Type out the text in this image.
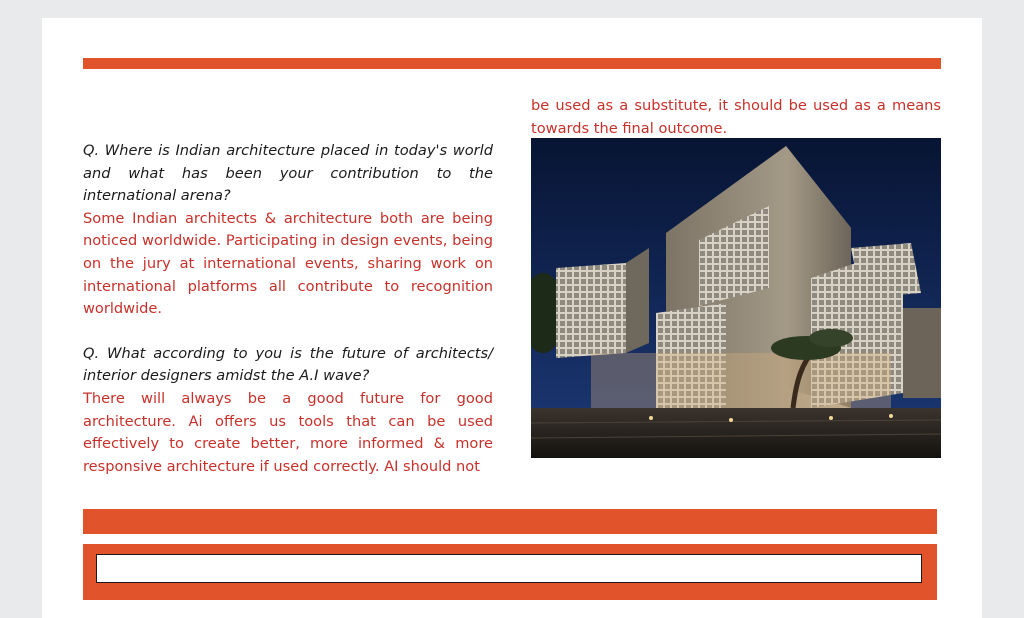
be used as a substitute, it should be used as a means towards the final outcome.

Q. Where is Indian architecture placed in today's world and what has been your contribution to the international arena?

Some Indian architects & architecture both are being noticed worldwide. Participating in design events, being on the jury at international events, sharing work on international platforms all contribute to recognition worldwide.

Q. What according to you is the future of architects/ interior designers amidst the A.I wave?

There will always be a good future for good architecture. Ai offers us tools that can be used effectively to create better, more informed & more responsive architecture if used correctly. AI should not
